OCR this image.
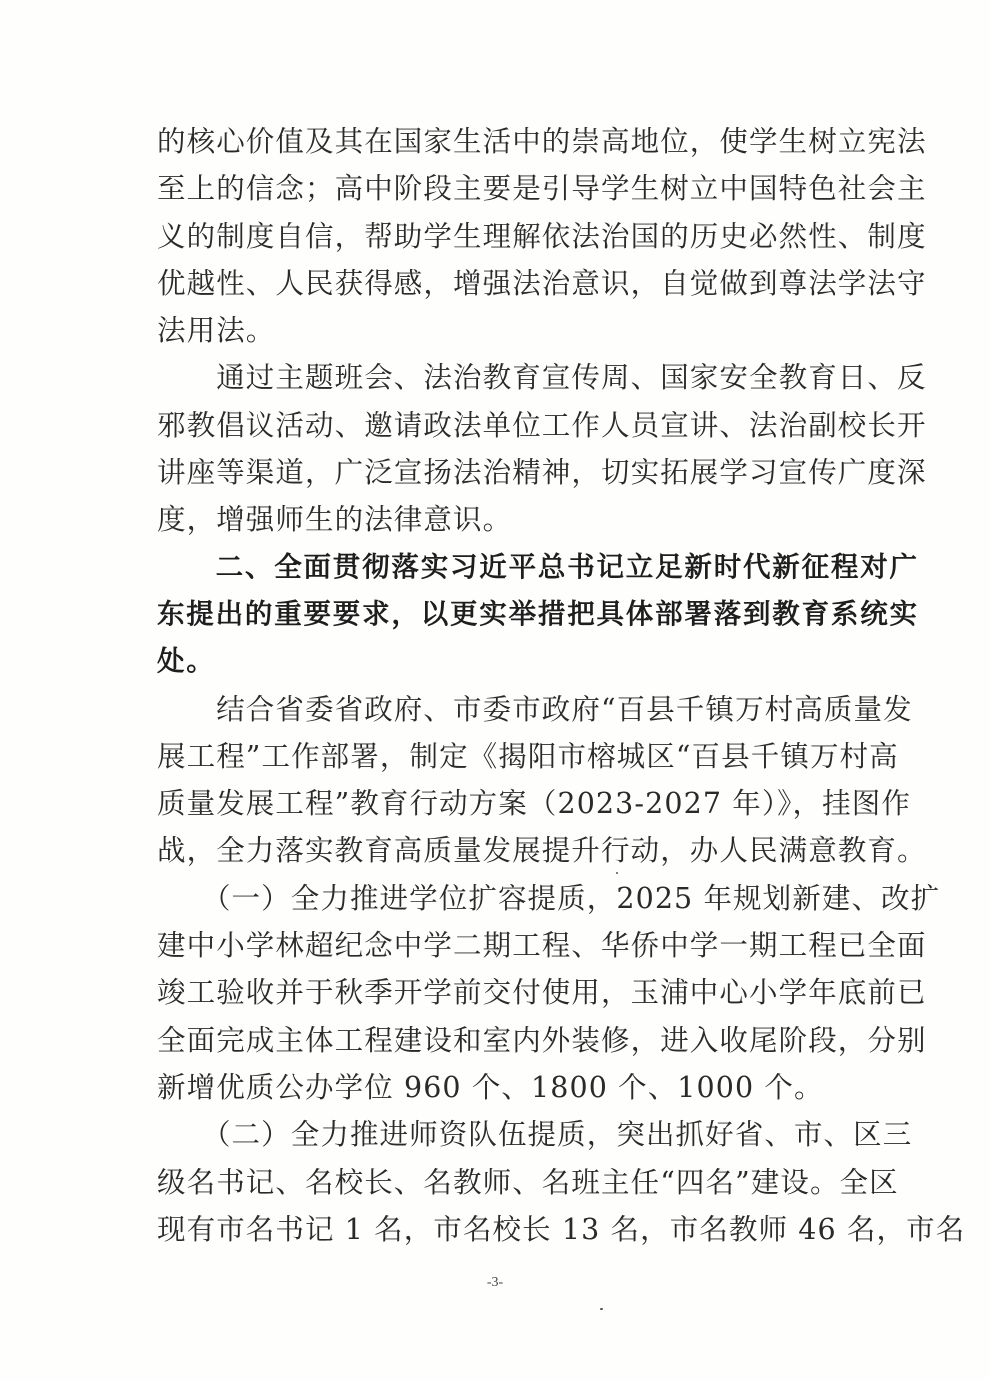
的核心价值及其在国家生活中的崇高地位，使学生树立宪法
至上的信念；高中阶段主要是引导学生树立中国特色社会主
义的制度自信，帮助学生理解依法治国的历史必然性、制度
优越性、人民获得感，增强法治意识，自觉做到尊法学法守
法用法。
　　通过主题班会、法治教育宣传周、国家安全教育日、反
邪教倡议活动、邀请政法单位工作人员宣讲、法治副校长开
讲座等渠道，广泛宣扬法治精神，切实拓展学习宣传广度深
度，增强师生的法律意识。
　　二、全面贯彻落实习近平总书记立足新时代新征程对广
东提出的重要要求，以更实举措把具体部署落到教育系统实
处。
　　结合省委省政府、市委市政府“百县千镇万村高质量发
展工程”工作部署，制定《揭阳市榕城区“百县千镇万村高
质量发展工程”教育行动方案（2023-2027 年）》，挂图作
战，全力落实教育高质量发展提升行动，办人民满意教育。
　　（一）全力推进学位扩容提质，2025 年规划新建、改扩
建中小学林超纪念中学二期工程、华侨中学一期工程已全面
竣工验收并于秋季开学前交付使用，玉浦中心小学年底前已
全面完成主体工程建设和室内外装修，进入收尾阶段，分别
新增优质公办学位 960 个、1800 个、1000 个。
　　（二）全力推进师资队伍提质，突出抓好省、市、区三
级名书记、名校长、名教师、名班主任“四名”建设。全区
现有市名书记 1 名，市名校长 13 名，市名教师 46 名，市名
-3-
